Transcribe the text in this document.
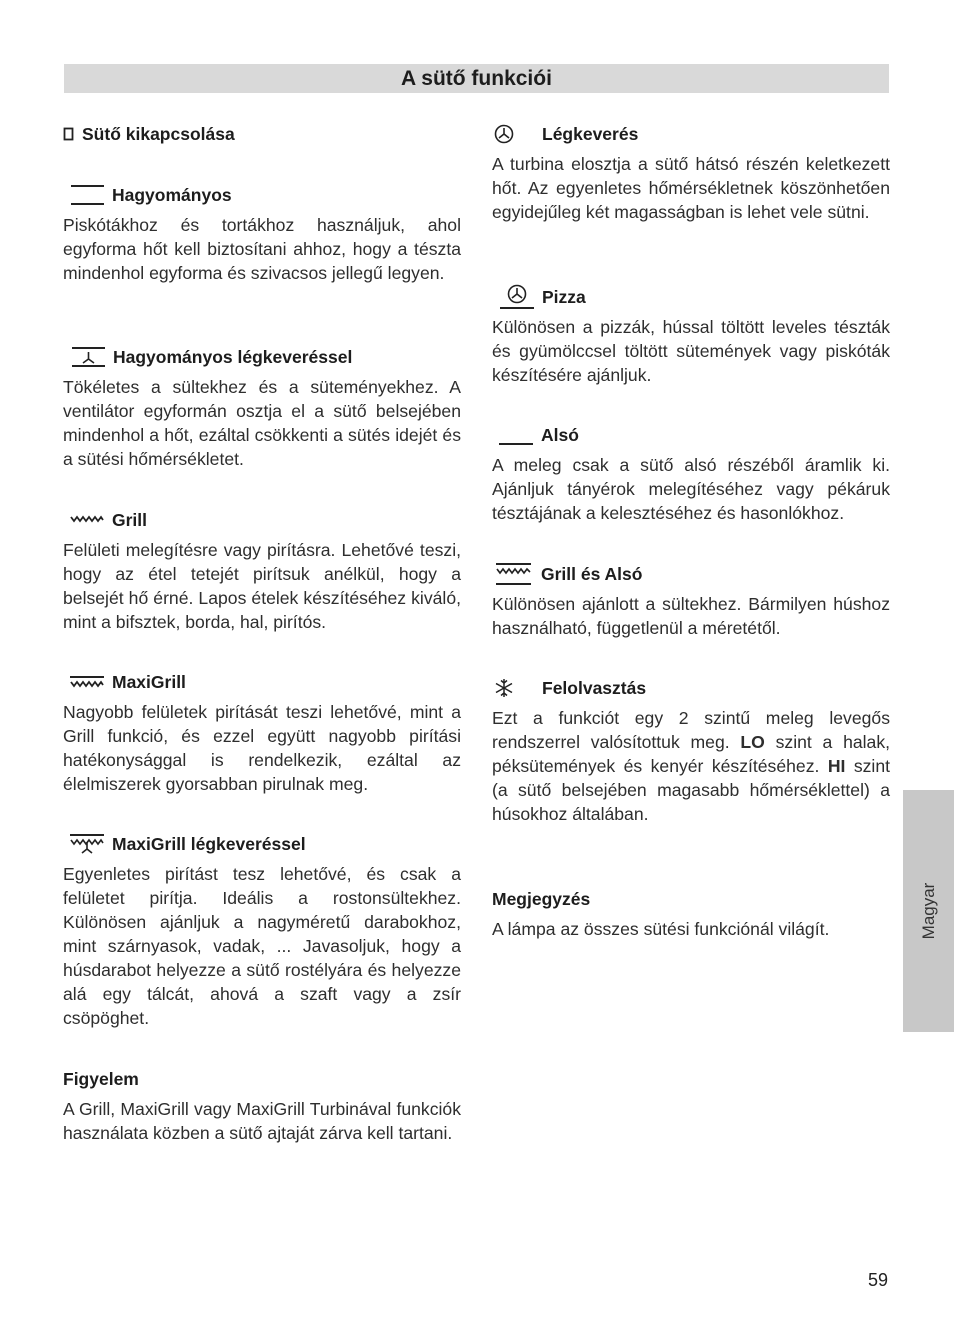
A sütő funkciói
Sütő kikapcsolása
Hagyományos

Piskótákhoz és tortákhoz használjuk, ahol egyforma hőt kell biztosítani ahhoz, hogy a tészta mindenhol egyforma és szivacsos jellegű legyen.

Hagyományos légkeveréssel

Tökéletes a sültekhez és a süteményekhez. A ventilátor egyformán osztja el a sütő belsejében mindenhol a hőt, ezáltal csökkenti a sütés idejét és a sütési hőmérsékletet.

Grill

Felületi melegítésre vagy pirításra. Lehetővé teszi, hogy az étel tetejét pirítsuk anélkül, hogy a belsejét hő érné. Lapos ételek készítéséhez kiváló, mint a bifsztek, borda, hal, pirítós.

MaxiGrill

Nagyobb felületek pirítását teszi lehetővé, mint a Grill funkció, és ezzel együtt nagyobb pirítási hatékonysággal is rendelkezik, ezáltal az élelmiszerek gyorsabban pirulnak meg.

MaxiGrill légkeveréssel

Egyenletes pirítást tesz lehetővé, és csak a felületet pirítja. Ideális a rostonsültekhez. Különösen ajánljuk a nagyméretű darabokhoz, mint szárnyasok, vadak, ... Javasoljuk, hogy a húsdarabot helyezze a sütő rostélyára és helyezze alá egy tálcát, ahová a szaft vagy a zsír csöpöghet.

Figyelem

A Grill, MaxiGrill vagy MaxiGrill Turbinával funkciók használata közben a sütő ajtaját zárva kell tartani.

Légkeverés

A turbina elosztja a sütő hátsó részén keletkezett hőt. Az egyenletes hőmérsékletnek köszönhetően egyidejűleg két magasságban is lehet vele sütni.

Pizza

Különösen a pizzák, hússal töltött leveles tészták és gyümölccsel töltött sütemények vagy piskóták készítésére ajánljuk.

Alsó

A meleg csak a sütő alsó részéből áramlik ki. Ajánljuk tányérok melegítéséhez vagy pékáruk tésztájának a kelesztéséhez és hasonlókhoz.

Grill és Alsó

Különösen ajánlott a sültekhez. Bármilyen húshoz használható, függetlenül a méretétől.

Felolvasztás

Ezt a funkciót egy 2 szintű meleg levegős rendszerrel valósítottuk meg. LO szint a halak, péksütemények és kenyér készítéséhez. HI szint (a sütő belsejében magasabb hőmérséklettel) a húsokhoz általában.

Megjegyzés

A lámpa az összes sütési funkciónál világít.	Magyar
59
